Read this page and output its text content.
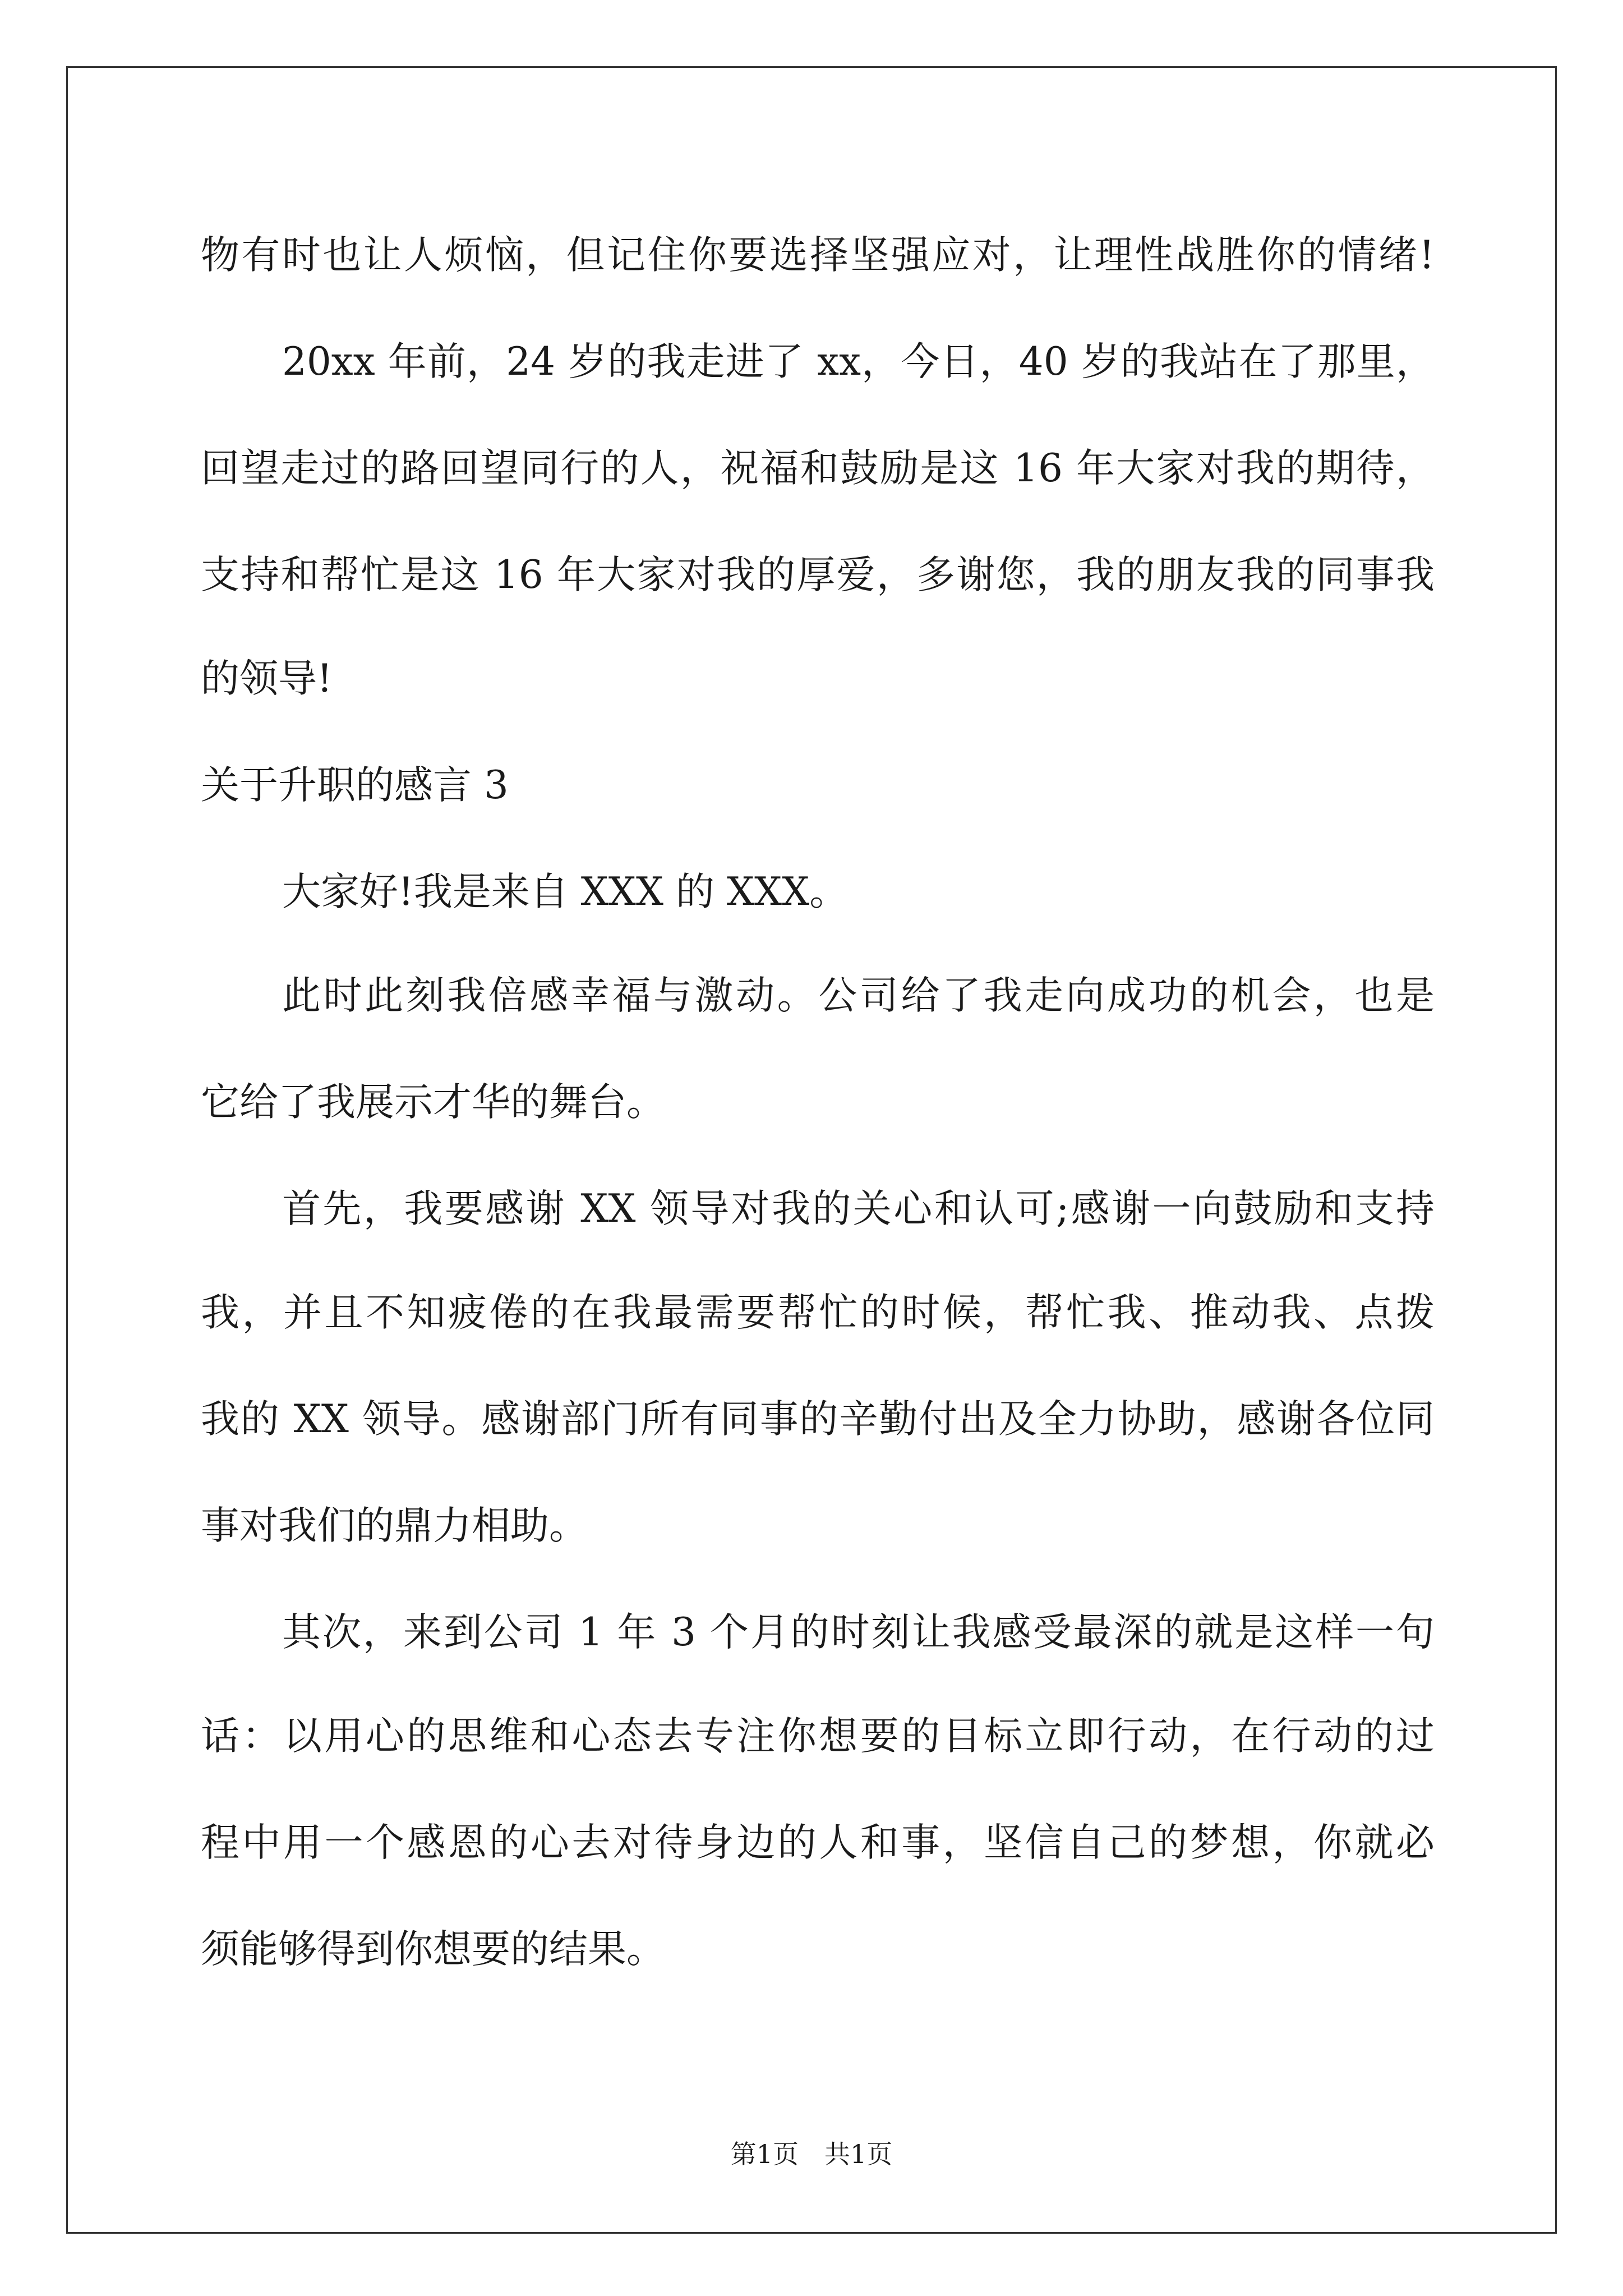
物有时也让人烦恼，但记住你要选择坚强应对，让理性战胜你的情绪!
20xx 年前，24 岁的我走进了 xx，今日，40 岁的我站在了那里，
回望走过的路回望同行的人，祝福和鼓励是这 16 年大家对我的期待，
支持和帮忙是这 16 年大家对我的厚爱，多谢您，我的朋友我的同事我
的领导!
关于升职的感言 3
大家好!我是来自 XXX 的 XXX。
此时此刻我倍感幸福与激动。公司给了我走向成功的机会，也是
它给了我展示才华的舞台。
首先，我要感谢 XX 领导对我的关心和认可;感谢一向鼓励和支持
我，并且不知疲倦的在我最需要帮忙的时候，帮忙我、推动我、点拨
我的 XX 领导。感谢部门所有同事的辛勤付出及全力协助，感谢各位同
事对我们的鼎力相助。
其次，来到公司 1 年 3 个月的时刻让我感受最深的就是这样一句
话：以用心的思维和心态去专注你想要的目标立即行动，在行动的过
程中用一个感恩的心去对待身边的人和事，坚信自己的梦想，你就必
须能够得到你想要的结果。
第1页　共1页
